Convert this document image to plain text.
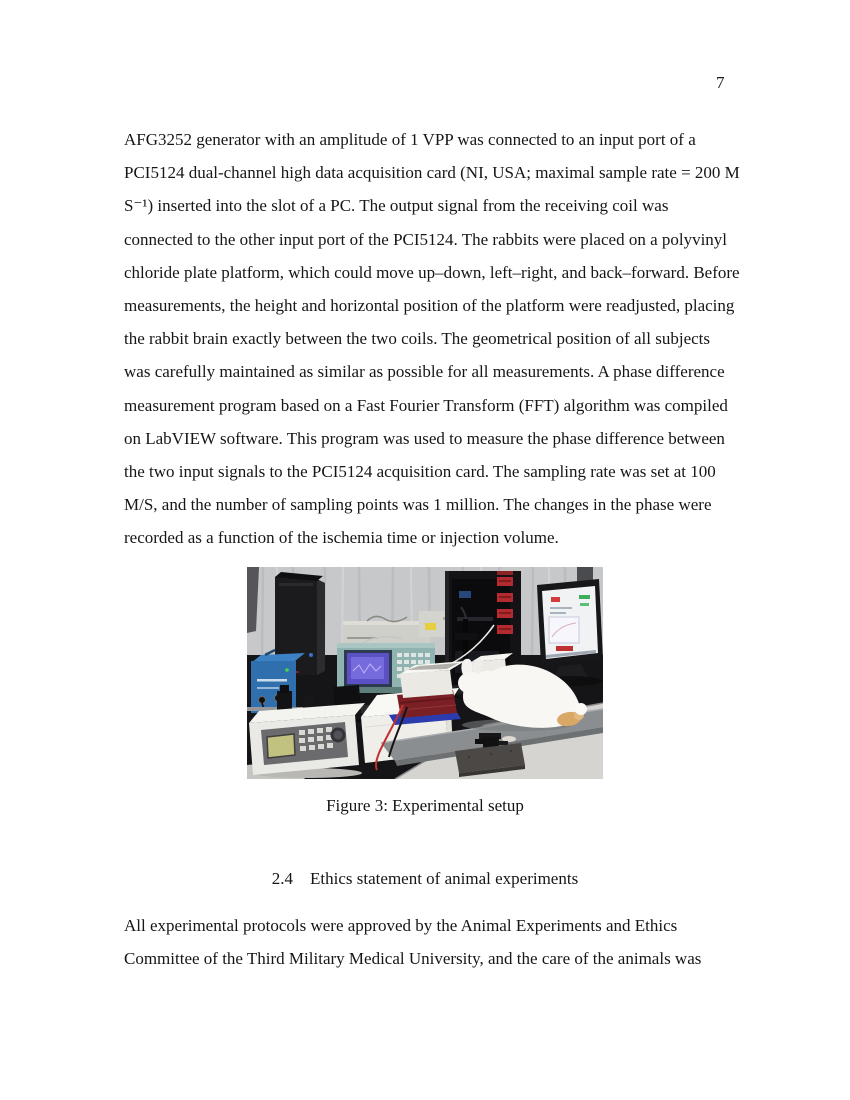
7
AFG3252 generator with an amplitude of 1 VPP was connected to an input port of a
PCI5124 dual-channel high data acquisition card (NI, USA; maximal sample rate = 200 M
S⁻¹) inserted into the slot of a PC. The output signal from the receiving coil was
connected to the other input port of the PCI5124. The rabbits were placed on a polyvinyl
chloride plate platform, which could move up–down, left–right, and back–forward. Before
measurements, the height and horizontal position of the platform were readjusted, placing
the rabbit brain exactly between the two coils. The geometrical position of all subjects
was carefully maintained as similar as possible for all measurements. A phase difference
measurement program based on a Fast Fourier Transform (FFT) algorithm was compiled
on LabVIEW software. This program was used to measure the phase difference between
the two input signals to the PCI5124 acquisition card. The sampling rate was set at 100
M/S, and the number of sampling points was 1 million. The changes in the phase were
recorded as a function of the ischemia time or injection volume.
Figure 3: Experimental setup
2.4 Ethics statement of animal experiments
All experimental protocols were approved by the Animal Experiments and Ethics
Committee of the Third Military Medical University, and the care of the animals was
